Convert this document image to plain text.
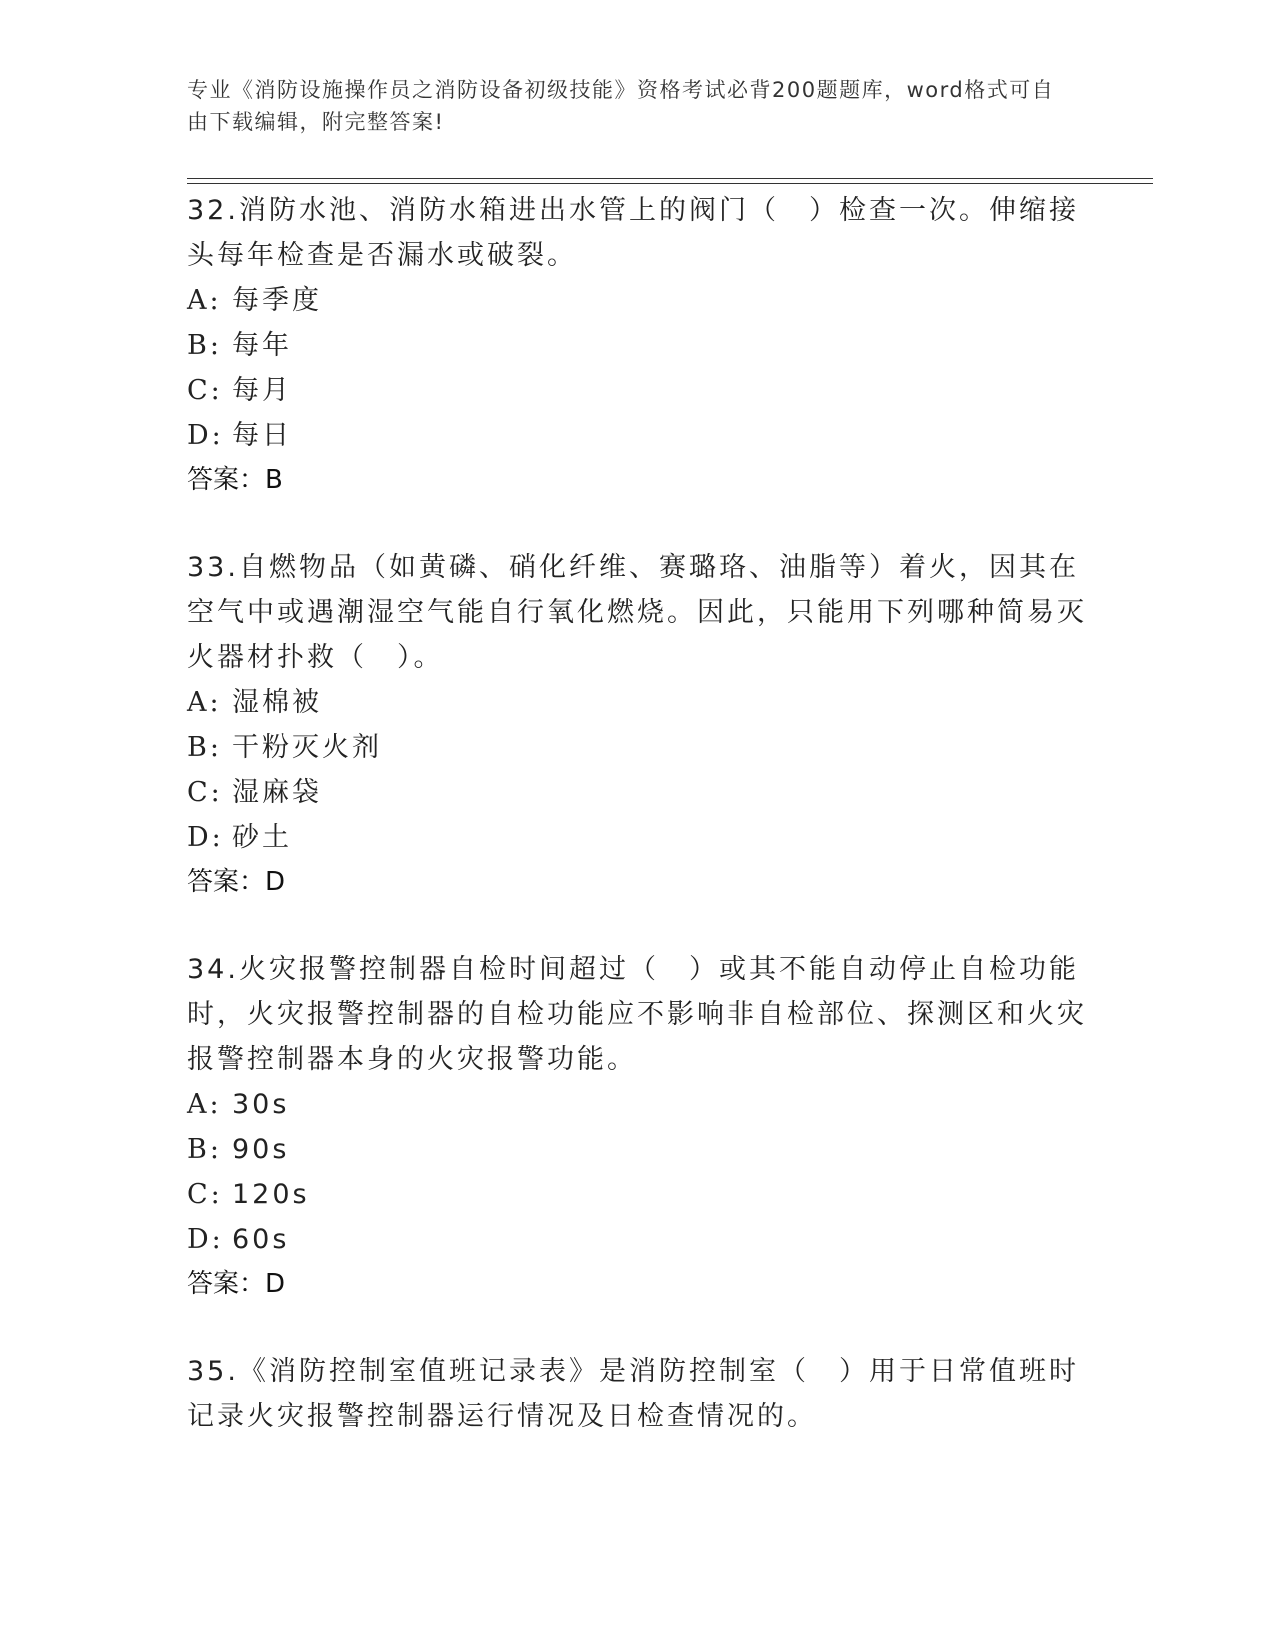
专业《消防设施操作员之消防设备初级技能》资格考试必背200题题库，word格式可自由下载编辑，附完整答案!

32.消防水池、消防水箱进出水管上的阀门（　）检查一次。伸缩接头每年检查是否漏水或破裂。

A: 每季度
B: 每年
C: 每月
D: 每日

答案：B

33.自燃物品（如黄磷、硝化纤维、赛璐珞、油脂等）着火，因其在空气中或遇潮湿空气能自行氧化燃烧。因此，只能用下列哪种简易灭火器材扑救（　）。

A: 湿棉被
B: 干粉灭火剂
C: 湿麻袋
D: 砂土

答案：D

34.火灾报警控制器自检时间超过（　）或其不能自动停止自检功能时，火灾报警控制器的自检功能应不影响非自检部位、探测区和火灾报警控制器本身的火灾报警功能。

A: 30s
B: 90s
C: 120s
D: 60s

答案：D

35.《消防控制室值班记录表》是消防控制室（　）用于日常值班时记录火灾报警控制器运行情况及日检查情况的。
